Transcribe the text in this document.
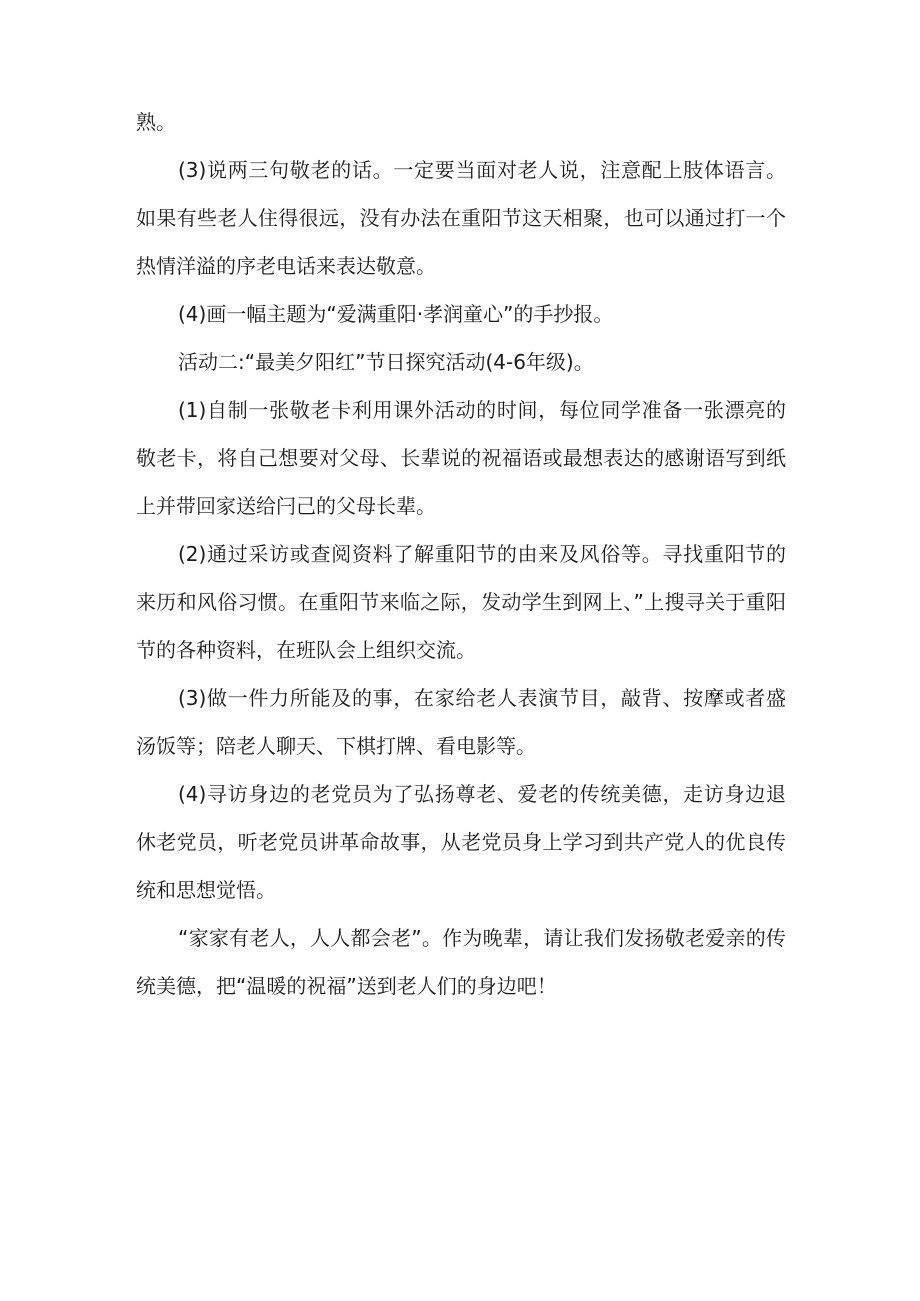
熟。

(3)说两三句敬老的话。一定要当面对老人说，注意配上肢体语言。如果有些老人住得很远，没有办法在重阳节这天相聚，也可以通过打一个热情洋溢的序老电话来表达敬意。

(4)画一幅主题为“爱满重阳·孝润童心”的手抄报。

活动二:“最美夕阳红”节日探究活动(4-6年级)。

(1)自制一张敬老卡利用课外活动的时间，每位同学准备一张漂亮的敬老卡，将自己想要对父母、长辈说的祝福语或最想表达的感谢语写到纸上并带回家送给闩己的父母长辈。

(2)通过采访或查阅资料了解重阳节的由来及风俗等。寻找重阳节的来历和风俗习惯。在重阳节来临之际，发动学生到网上、”上搜寻关于重阳节的各种资料，在班队会上组织交流。

(3)做一件力所能及的事，在家给老人表演节目，敲背、按摩或者盛汤饭等；陪老人聊天、下棋打牌、看电影等。

(4)寻访身边的老党员为了弘扬尊老、爱老的传统美德，走访身边退休老党员，听老党员讲革命故事，从老党员身上学习到共产党人的优良传统和思想觉悟。

“家家有老人，人人都会老”。作为晚辈，请让我们发扬敬老爱亲的传统美德，把“温暖的祝福”送到老人们的身边吧！
